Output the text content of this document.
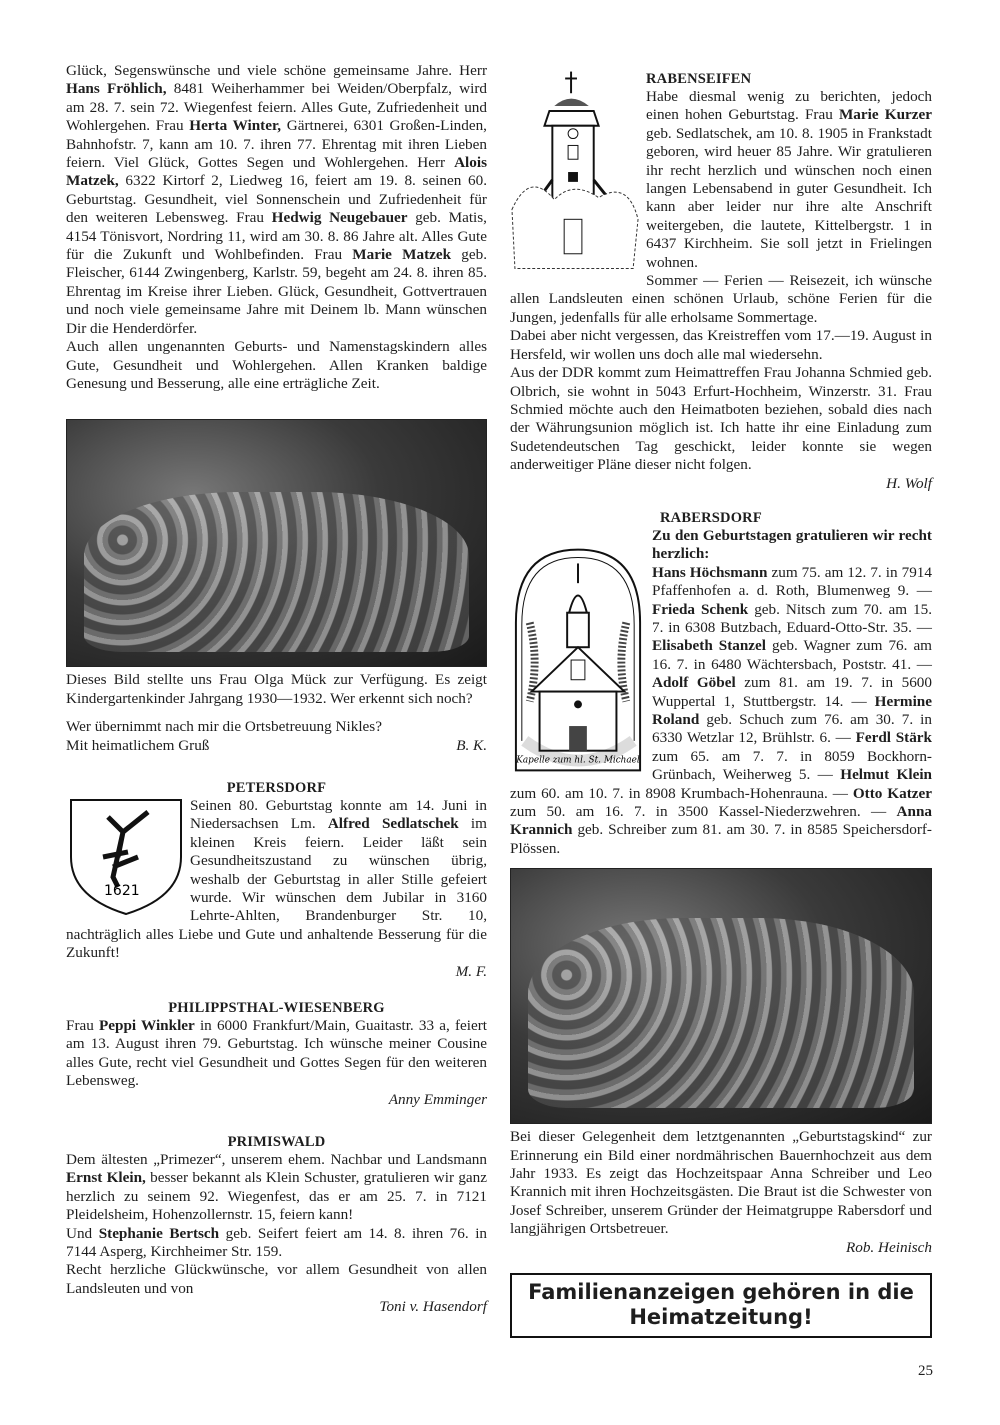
Glück, Segenswünsche und viele schöne gemeinsame Jahre. Herr Hans Fröhlich, 8481 Weiherhammer bei Weiden/Oberpfalz, wird am 28. 7. sein 72. Wiegenfest feiern. Alles Gute, Zufriedenheit und Wohlergehen. Frau Herta Winter, Gärtnerei, 6301 Großen-Linden, Bahnhofstr. 7, kann am 10. 7. ihren 77. Ehrentag mit ihren Lieben feiern. Viel Glück, Gottes Segen und Wohlergehen. Herr Alois Matzek, 6322 Kirtorf 2, Liedweg 16, feiert am 19. 8. seinen 60. Geburtstag. Gesundheit, viel Sonnenschein und Zufriedenheit für den weiteren Lebensweg. Frau Hedwig Neugebauer geb. Matis, 4154 Tönisvort, Nordring 11, wird am 30. 8. 86 Jahre alt. Alles Gute für die Zukunft und Wohlbefinden. Frau Marie Matzek geb. Fleischer, 6144 Zwingenberg, Karlstr. 59, begeht am 24. 8. ihren 85. Ehrentag im Kreise ihrer Lieben. Glück, Gesundheit, Gottvertrauen und noch viele gemeinsame Jahre mit Deinem lb. Mann wünschen Dir die Henderdörfer.

Auch allen ungenannten Geburts- und Namenstagskindern alles Gute, Gesundheit und Wohlergehen. Allen Kranken baldige Genesung und Besserung, alle eine erträgliche Zeit.

Dieses Bild stellte uns Frau Olga Mück zur Verfügung. Es zeigt Kindergartenkinder Jahrgang 1930—1932. Wer erkennt sich noch?

Wer übernimmt nach mir die Ortsbetreuung Nikles?

Mit heimatlichem Gruß	B. K.
PETERSDORF
1621

Seinen 80. Geburtstag konnte am 14. Juni in Niedersachsen Lm. Alfred Sedlatschek im kleinen Kreis feiern. Leider läßt sein Gesundheitszustand zu wünschen übrig, weshalb der Geburtstag in aller Stille gefeiert wurde. Wir wünschen dem Jubilar in 3160 Lehrte-Ahlten, Brandenburger Str. 10, nachträglich alles Liebe und Gute und anhaltende Besserung für die Zukunft!

M. F.
PHILIPPSTHAL-WIESENBERG

Frau Peppi Winkler in 6000 Frankfurt/Main, Guaitastr. 33 a, feiert am 13. August ihren 79. Geburtstag. Ich wünsche meiner Cousine alles Gute, recht viel Gesundheit und Gottes Segen für den weiteren Lebensweg.

Anny Emminger
PRIMISWALD

Dem ältesten „Primezer“, unserem ehem. Nachbar und Landsmann Ernst Klein, besser bekannt als Klein Schuster, gratulieren wir ganz herzlich zu seinem 92. Wiegenfest, das er am 25. 7. in 7121 Pleidelsheim, Hohenzollernstr. 15, feiern kann!

Und Stephanie Bertsch geb. Seifert feiert am 14. 8. ihren 76. in 7144 Asperg, Kirchheimer Str. 159.

Recht herzliche Glückwünsche, vor allem Gesundheit von allen Landsleuten und von

Toni v. Hasendorf
RABENSEIFEN

Habe diesmal wenig zu berichten, jedoch einen hohen Geburtstag. Frau Marie Kurzer geb. Sedlatschek, am 10. 8. 1905 in Frankstadt geboren, wird heuer 85 Jahre. Wir gratulieren ihr recht herzlich und wünschen noch einen langen Lebensabend in guter Gesundheit. Ich kann aber leider nur ihre alte Anschrift weitergeben, die lautete, Kittelbergstr. 1 in 6437 Kirchheim. Sie soll jetzt in Frielingen wohnen.

Sommer — Ferien — Reisezeit, ich wünsche allen Landsleuten einen schönen Urlaub, schöne Ferien für die Jungen, jedenfalls für alle erholsame Sommertage.

Dabei aber nicht vergessen, das Kreistreffen vom 17.—19. August in Hersfeld, wir wollen uns doch alle mal wiedersehn.

Aus der DDR kommt zum Heimattreffen Frau Johanna Schmied geb. Olbrich, sie wohnt in 5043 Erfurt-Hochheim, Winzerstr. 31. Frau Schmied möchte auch den Heimatboten beziehen, sobald dies nach der Währungsunion möglich ist. Ich hatte ihr eine Einladung zum Sudetendeutschen Tag geschickt, leider konnte sie wegen anderweitiger Pläne dieser nicht folgen.

H. Wolf
RABERSDORF
Kapelle zum hl. St. Michael

Zu den Geburtstagen gratulieren wir recht herzlich:

Hans Höchsmann zum 75. am 12. 7. in 7914 Pfaffenhofen a. d. Roth, Blumenweg 9. — Frieda Schenk geb. Nitsch zum 70. am 15. 7. in 6308 Butzbach, Eduard-Otto-Str. 35. — Elisabeth Stanzel geb. Wagner zum 76. am 16. 7. in 6480 Wächtersbach, Poststr. 41. — Adolf Göbel zum 81. am 19. 7. in 5600 Wuppertal 1, Stuttbergstr. 14. — Hermine Roland geb. Schuch zum 76. am 30. 7. in 6330 Wetzlar 12, Brühlstr. 6. — Ferdl Stärk zum 65. am 7. 7. in 8059 Bockhorn-Grünbach, Weiherweg 5. — Helmut Klein zum 60. am 10. 7. in 8908 Krumbach-Hohenrauna. — Otto Katzer zum 50. am 16. 7. in 3500 Kassel-Niederzwehren. — Anna Krannich geb. Schreiber zum 81. am 30. 7. in 8585 Speichersdorf-Plössen.

Bei dieser Gelegenheit dem letztgenannten „Geburtstagskind“ zur Erinnerung ein Bild einer nordmährischen Bauernhochzeit aus dem Jahr 1933. Es zeigt das Hochzeitspaar Anna Schreiber und Leo Krannich mit ihren Hochzeitsgästen. Die Braut ist die Schwester von Josef Schreiber, unserem Gründer der Heimatgruppe Rabersdorf und langjährigen Ortsbetreuer.

Rob. Heinisch
Familienanzeigen gehören in die Heimatzeitung!
25
